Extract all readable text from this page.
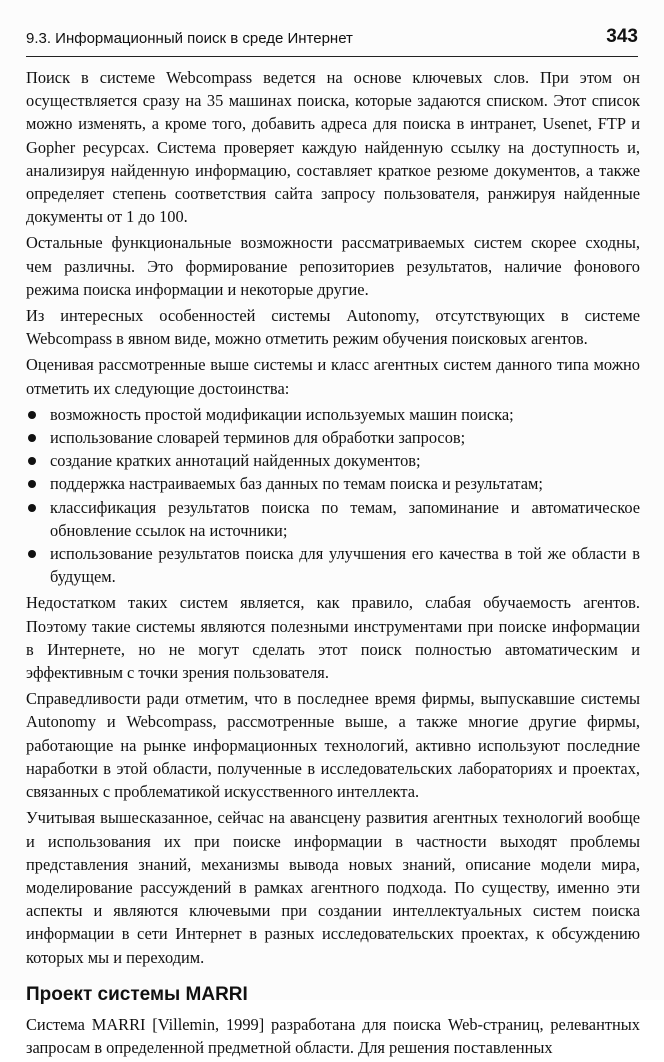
9.3. Информационный поиск в среде Интернет	343

Поиск в системе Webcompass ведется на основе ключевых слов. При этом он осуществляется сразу на 35 машинах поиска, которые задаются списком. Этот список можно изменять, а кроме того, добавить адреса для поиска в интранет, Usenet, FTP и Gopher ресурсах. Система проверяет каждую найденную ссылку на доступность и, анализируя найденную информацию, составляет краткое резюме документов, а также определяет степень соответствия сайта запросу пользователя, ранжируя найденные документы от 1 до 100.

Остальные функциональные возможности рассматриваемых систем скорее сходны, чем различны. Это формирование репозиториев результатов, наличие фонового режима поиска информации и некоторые другие.

Из интересных особенностей системы Autonomy, отсутствующих в системе Webcompass в явном виде, можно отметить режим обучения поисковых агентов.

Оценивая рассмотренные выше системы и класс агентных систем данного типа можно отметить их следующие достоинства:

возможность простой модификации используемых машин поиска;
использование словарей терминов для обработки запросов;
создание кратких аннотаций найденных документов;
поддержка настраиваемых баз данных по темам поиска и результатам;
классификация результатов поиска по темам, запоминание и автоматическое обновление ссылок на источники;
использование результатов поиска для улучшения его качества в той же области в будущем.

Недостатком таких систем является, как правило, слабая обучаемость агентов. Поэтому такие системы являются полезными инструментами при поиске информации в Интернете, но не могут сделать этот поиск полностью автоматическим и эффективным с точки зрения пользователя.

Справедливости ради отметим, что в последнее время фирмы, выпускавшие системы Autonomy и Webcompass, рассмотренные выше, а также многие другие фирмы, работающие на рынке информационных технологий, активно используют последние наработки в этой области, полученные в исследовательских лабораториях и проектах, связанных с проблематикой искусственного интеллекта.

Учитывая вышесказанное, сейчас на авансцену развития агентных технологий вообще и использования их при поиске информации в частности выходят проблемы представления знаний, механизмы вывода новых знаний, описание модели мира, моделирование рассуждений в рамках агентного подхода. По существу, именно эти аспекты и являются ключевыми при создании интеллектуальных систем поиска информации в сети Интернет в разных исследовательских проектах, к обсуждению которых мы и переходим.

Проект системы MARRI

Система MARRI [Villemin, 1999] разработана для поиска Web-страниц, релевантных запросам в определенной предметной области. Для решения поставленных
